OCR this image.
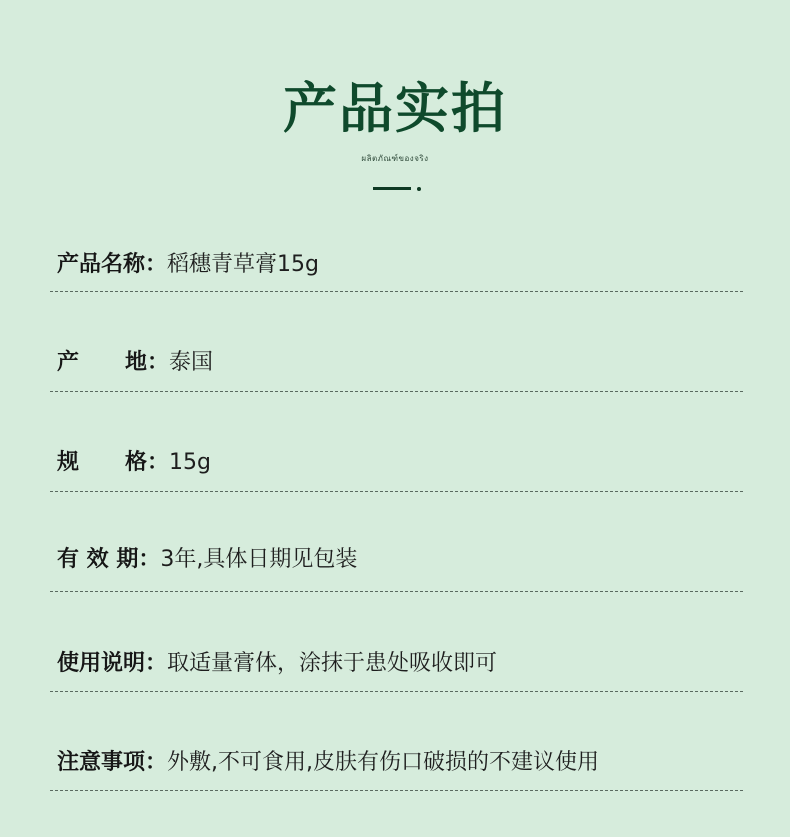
产品实拍
ผลิตภัณฑ์ของจริง
产品名称： 稻穗青草膏15g
产      地： 泰国
规      格： 15g
有 效 期： 3年,具体日期见包装
使用说明： 取适量膏体，涂抹于患处吸收即可
注意事项： 外敷,不可食用,皮肤有伤口破损的不建议使用
